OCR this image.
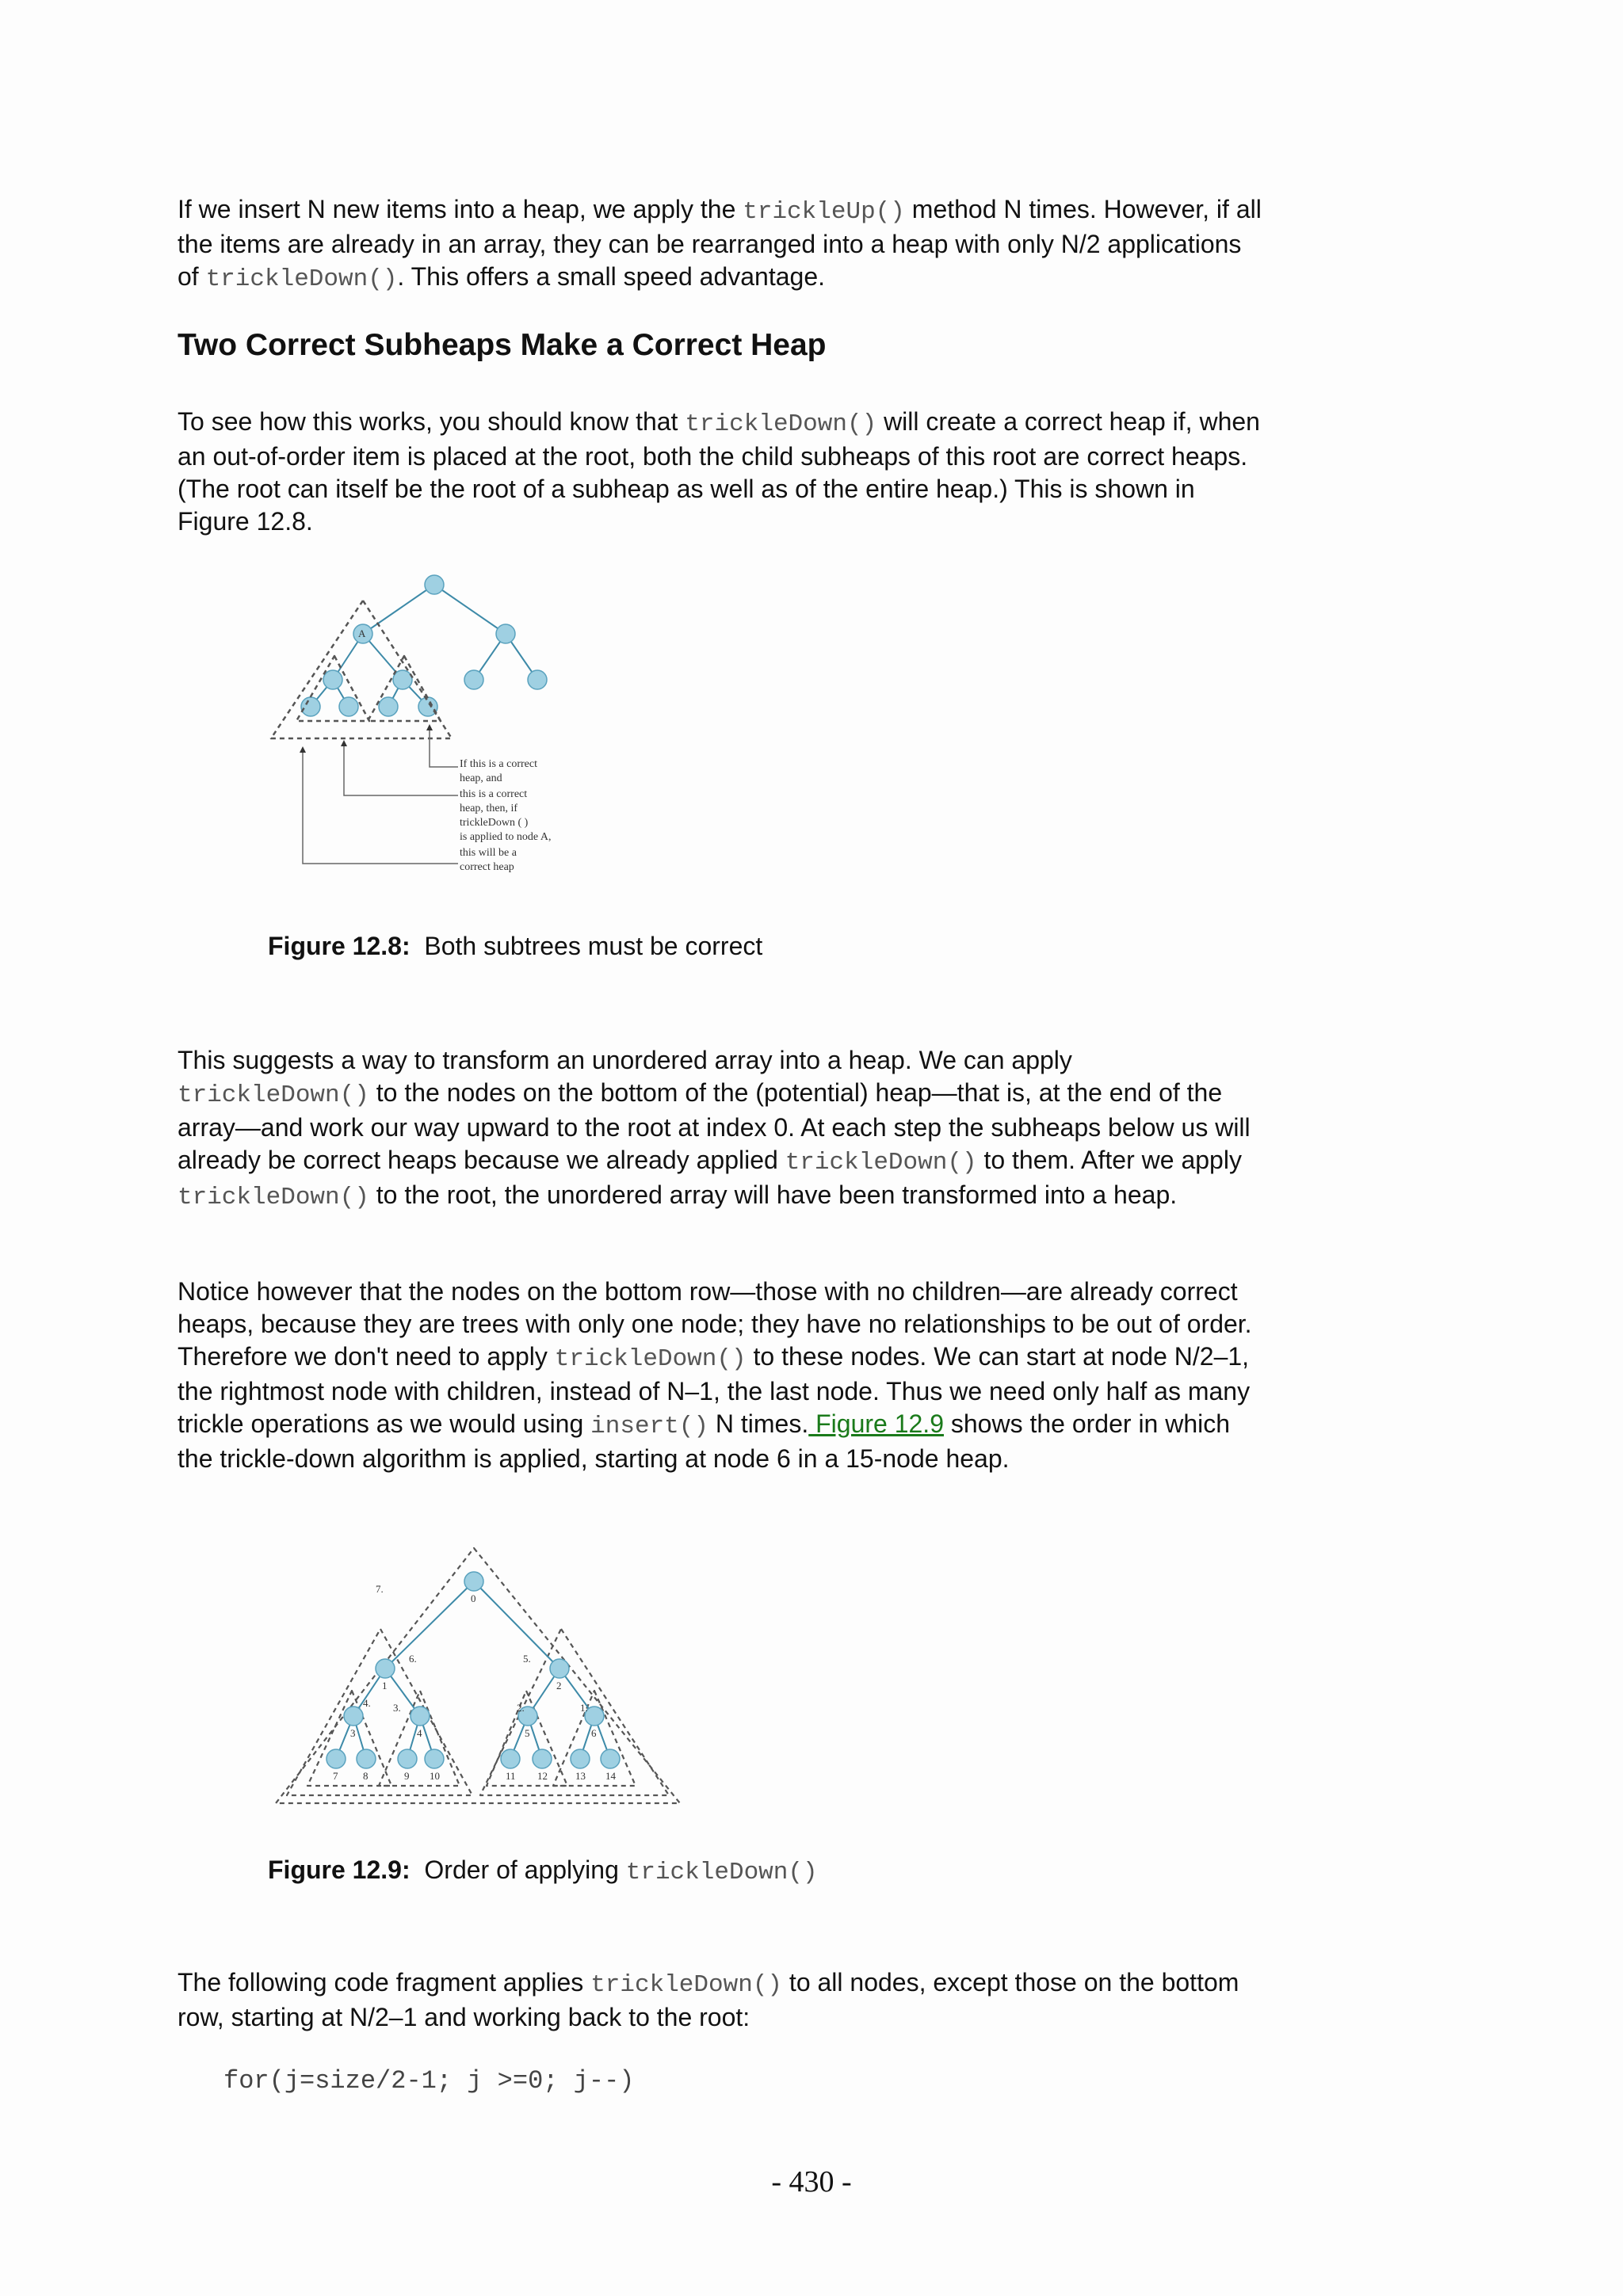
If we insert N new items into a heap, we apply the trickleUp() method N times. However, if all the items are already in an array, they can be rearranged into a heap with only N/2 applications of trickleDown(). This offers a small speed advantage.

Two Correct Subheaps Make a Correct Heap

To see how this works, you should know that trickleDown() will create a correct heap if, when an out-of-order item is placed at the root, both the child subheaps of this root are correct heaps. (The root can itself be the root of a subheap as well as of the entire heap.) This is shown in Figure 12.8.

A
If this is a correct
heap, and
this is a correct
heap, then, if
trickleDown ( )
is applied to node A,
this will be a
correct heap

Figure 12.8: Both subtrees must be correct

This suggests a way to transform an unordered array into a heap. We can apply trickleDown() to the nodes on the bottom of the (potential) heap—that is, at the end of the array—and work our way upward to the root at index 0. At each step the subheaps below us will already be correct heaps because we already applied trickleDown() to them. After we apply trickleDown() to the root, the unordered array will have been transformed into a heap.

Notice however that the nodes on the bottom row—those with no children—are already correct heaps, because they are trees with only one node; they have no relationships to be out of order. Therefore we don't need to apply trickleDown() to these nodes. We can start at node N/2–1, the rightmost node with children, instead of N–1, the last node. Thus we need only half as many trickle operations as we would using insert() N times. Figure 12.9 shows the order in which the trickle-down algorithm is applied, starting at node 6 in a 15-node heap.

0
1	2
3	4	5	6
7 8	9 10	11 12	13 14
1.
2.
3.
4.
5.
6.
7.

Figure 12.9: Order of applying trickleDown()

The following code fragment applies trickleDown() to all nodes, except those on the bottom row, starting at N/2–1 and working back to the root:

for(j=size/2-1; j >=0; j--)

- 430 -
